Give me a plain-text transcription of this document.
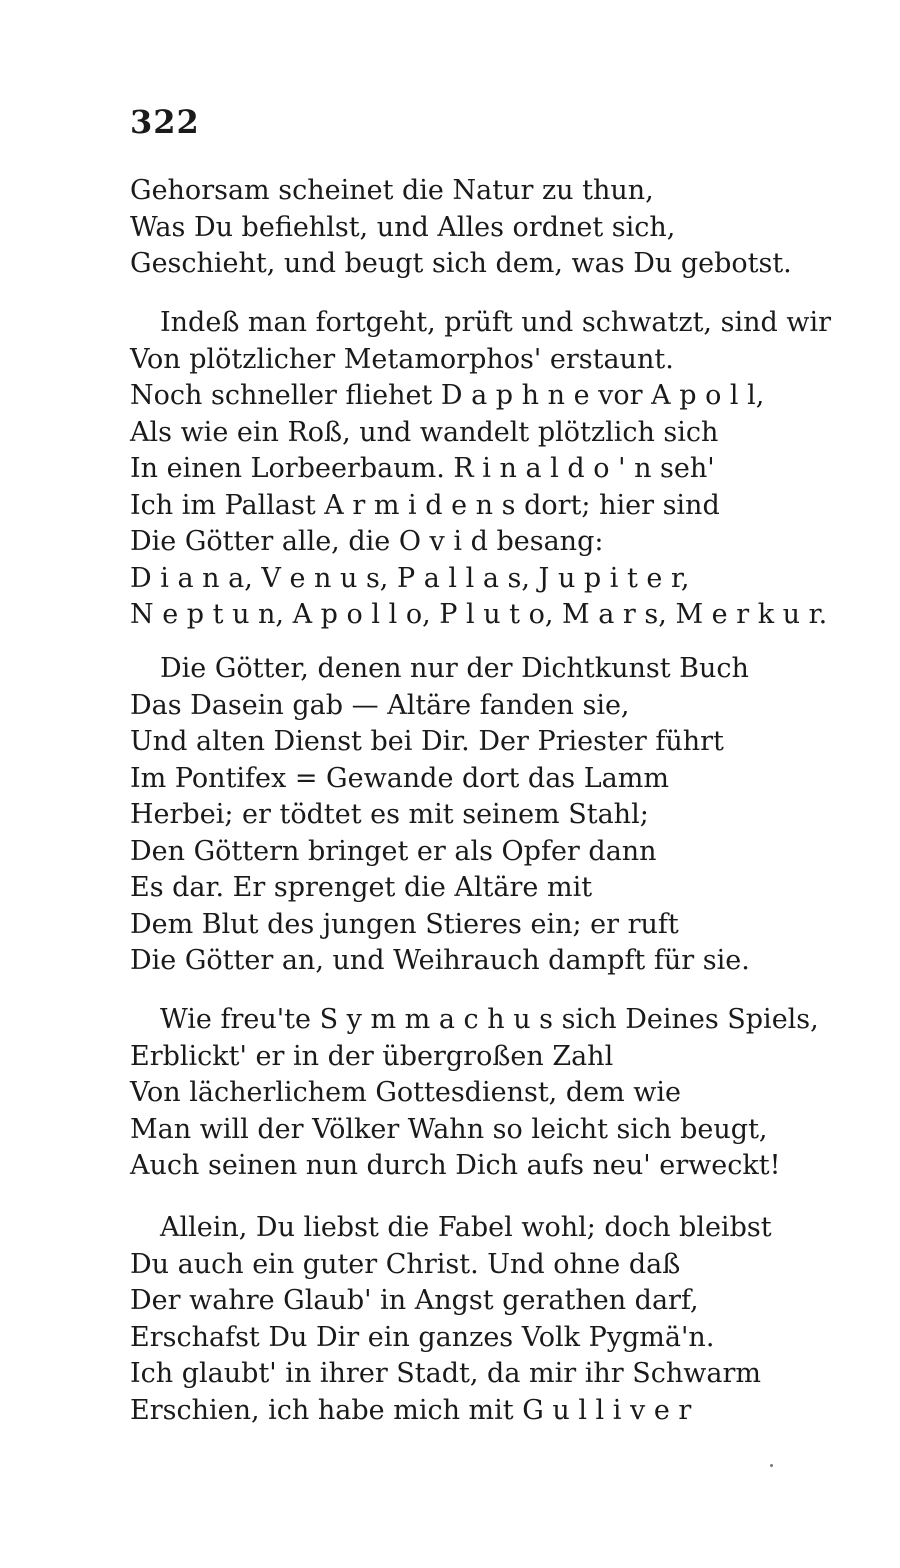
322
Gehorsam scheinet die Natur zu thun,
Was Du befiehlst, und Alles ordnet sich,
Geschieht, und beugt sich dem, was Du gebotst.
Indeß man fortgeht, prüft und schwatzt, sind wir
Von plötzlicher Metamorphos' erstaunt.
Noch schneller fliehet D a p h n e vor A p o l l,
Als wie ein Roß, und wandelt plötzlich sich
In einen Lorbeerbaum. R i n a l d o ' n seh'
Ich im Pallast A r m i d e n s dort; hier sind
Die Götter alle, die O v i d besang:
D i a n a, V e n u s, P a l l a s, J u p i t e r,
N e p t u n, A p o l l o, P l u t o, M a r s, M e r k u r.
Die Götter, denen nur der Dichtkunst Buch
Das Dasein gab — Altäre fanden sie,
Und alten Dienst bei Dir. Der Priester führt
Im Pontifex = Gewande dort das Lamm
Herbei; er tödtet es mit seinem Stahl;
Den Göttern bringet er als Opfer dann
Es dar. Er sprenget die Altäre mit
Dem Blut des jungen Stieres ein; er ruft
Die Götter an, und Weihrauch dampft für sie.
Wie freu'te S y m m a c h u s sich Deines Spiels,
Erblickt' er in der übergroßen Zahl
Von lächerlichem Gottesdienst, dem wie
Man will der Völker Wahn so leicht sich beugt,
Auch seinen nun durch Dich aufs neu' erweckt!
Allein, Du liebst die Fabel wohl; doch bleibst
Du auch ein guter Christ. Und ohne daß
Der wahre Glaub' in Angst gerathen darf,
Erschafst Du Dir ein ganzes Volk Pygmä'n.
Ich glaubt' in ihrer Stadt, da mir ihr Schwarm
Erschien, ich habe mich mit G u l l i v e r
